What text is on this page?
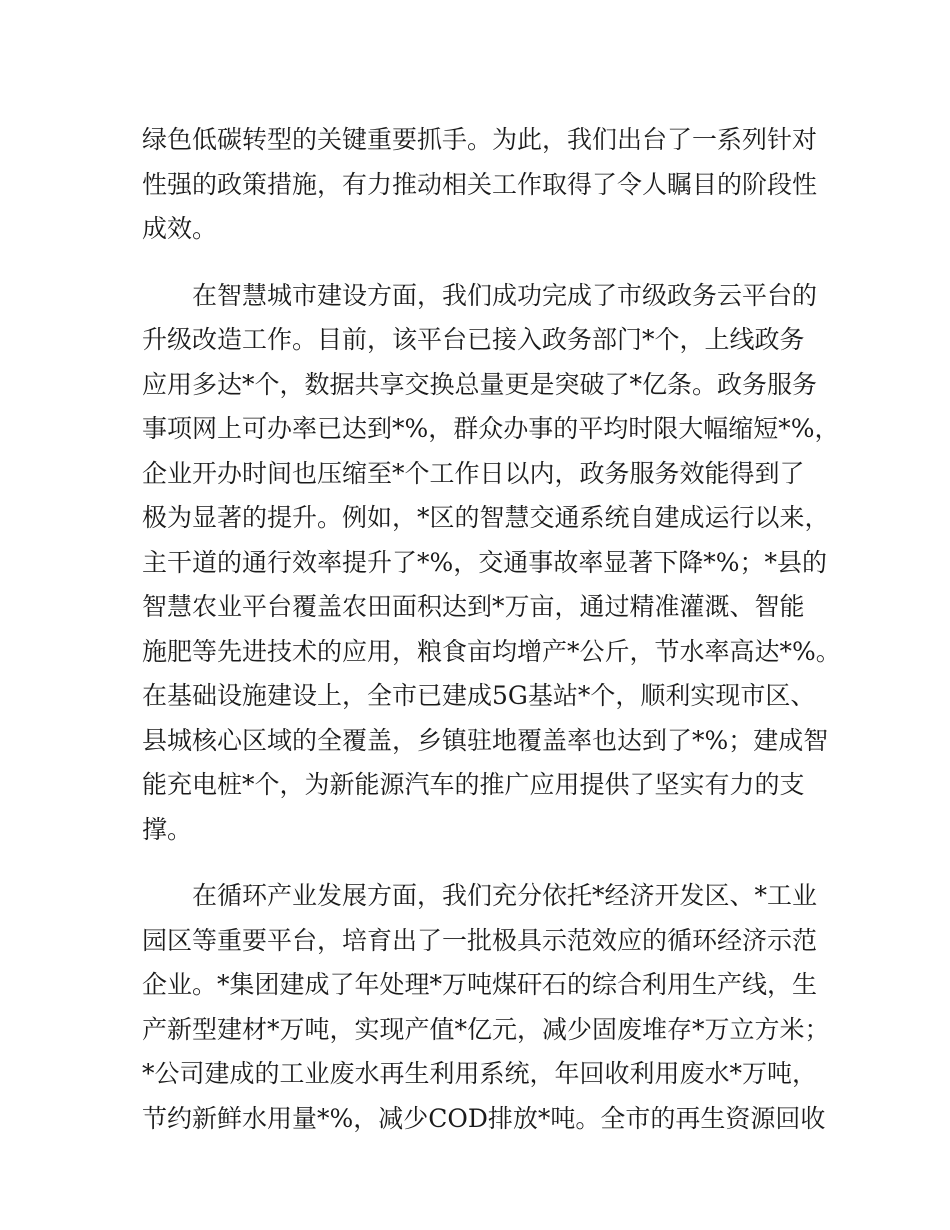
绿色低碳转型的关键重要抓手。为此，我们出台了一系列针对
性强的政策措施，有力推动相关工作取得了令人瞩目的阶段性
成效。
　　在智慧城市建设方面，我们成功完成了市级政务云平台的
升级改造工作。目前，该平台已接入政务部门*个，上线政务
应用多达*个，数据共享交换总量更是突破了*亿条。政务服务
事项网上可办率已达到*%，群众办事的平均时限大幅缩短*%，
企业开办时间也压缩至*个工作日以内，政务服务效能得到了
极为显著的提升。例如，*区的智慧交通系统自建成运行以来，
主干道的通行效率提升了*%，交通事故率显著下降*%；*县的
智慧农业平台覆盖农田面积达到*万亩，通过精准灌溉、智能
施肥等先进技术的应用，粮食亩均增产*公斤，节水率高达*%。
在基础设施建设上，全市已建成5G基站*个，顺利实现市区、
县城核心区域的全覆盖，乡镇驻地覆盖率也达到了*%；建成智
能充电桩*个，为新能源汽车的推广应用提供了坚实有力的支
撑。
　　在循环产业发展方面，我们充分依托*经济开发区、*工业
园区等重要平台，培育出了一批极具示范效应的循环经济示范
企业。*集团建成了年处理*万吨煤矸石的综合利用生产线，生
产新型建材*万吨，实现产值*亿元，减少固废堆存*万立方米；
*公司建成的工业废水再生利用系统，年回收利用废水*万吨，
节约新鲜水用量*%，减少COD排放*吨。全市的再生资源回收
